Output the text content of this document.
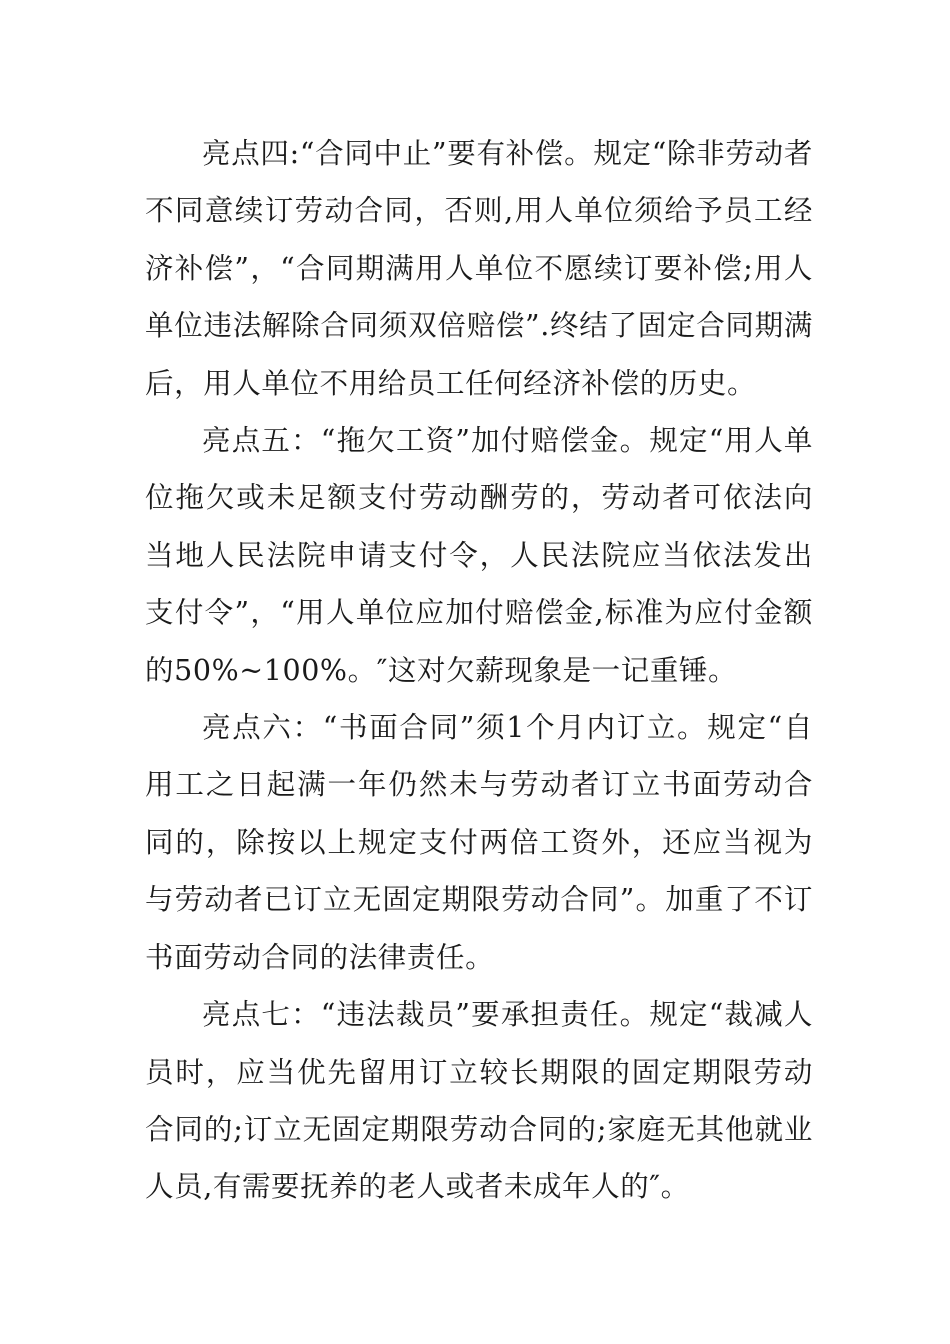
亮点四:“合同中止”要有补偿。规定“除非劳动者不同意续订劳动合同，否则,用人单位须给予员工经济补偿”，“合同期满用人单位不愿续订要补偿;用人单位违法解除合同须双倍赔偿”.终结了固定合同期满后，用人单位不用给员工任何经济补偿的历史。

亮点五：“拖欠工资”加付赔偿金。规定“用人单位拖欠或未足额支付劳动酬劳的，劳动者可依法向当地人民法院申请支付令，人民法院应当依法发出支付令”，“用人单位应加付赔偿金,标准为应付金额的50%~100%。″这对欠薪现象是一记重锤。

亮点六：“书面合同”须1个月内订立。规定“自用工之日起满一年仍然未与劳动者订立书面劳动合同的，除按以上规定支付两倍工资外，还应当视为与劳动者已订立无固定期限劳动合同”。加重了不订书面劳动合同的法律责任。

亮点七：“违法裁员”要承担责任。规定“裁减人员时，应当优先留用订立较长期限的固定期限劳动合同的;订立无固定期限劳动合同的;家庭无其他就业人员,有需要抚养的老人或者未成年人的″。
